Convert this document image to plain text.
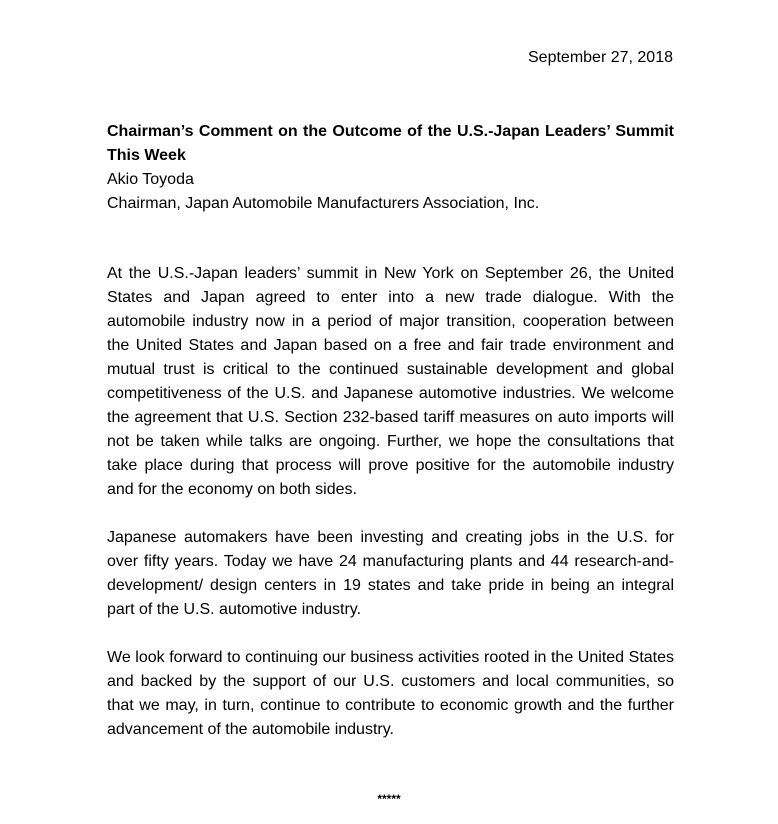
September 27, 2018

Chairman’s Comment on the Outcome of the U.S.-Japan Leaders’ Summit This Week

Akio Toyoda

Chairman, Japan Automobile Manufacturers Association, Inc.

At the U.S.-Japan leaders’ summit in New York on September 26, the United States and Japan agreed to enter into a new trade dialogue. With the automobile industry now in a period of major transition, cooperation between the United States and Japan based on a free and fair trade environment and mutual trust is critical to the continued sustainable development and global competitiveness of the U.S. and Japanese automotive industries. We welcome the agreement that U.S. Section 232-based tariff measures on auto imports will not be taken while talks are ongoing. Further, we hope the consultations that take place during that process will prove positive for the automobile industry and for the economy on both sides.

Japanese automakers have been investing and creating jobs in the U.S. for over fifty years. Today we have 24 manufacturing plants and 44 research-and-development/ design centers in 19 states and take pride in being an integral part of the U.S. automotive industry.

We look forward to continuing our business activities rooted in the United States and backed by the support of our U.S. customers and local communities, so that we may, in turn, continue to contribute to economic growth and the further advancement of the automobile industry.

*****
